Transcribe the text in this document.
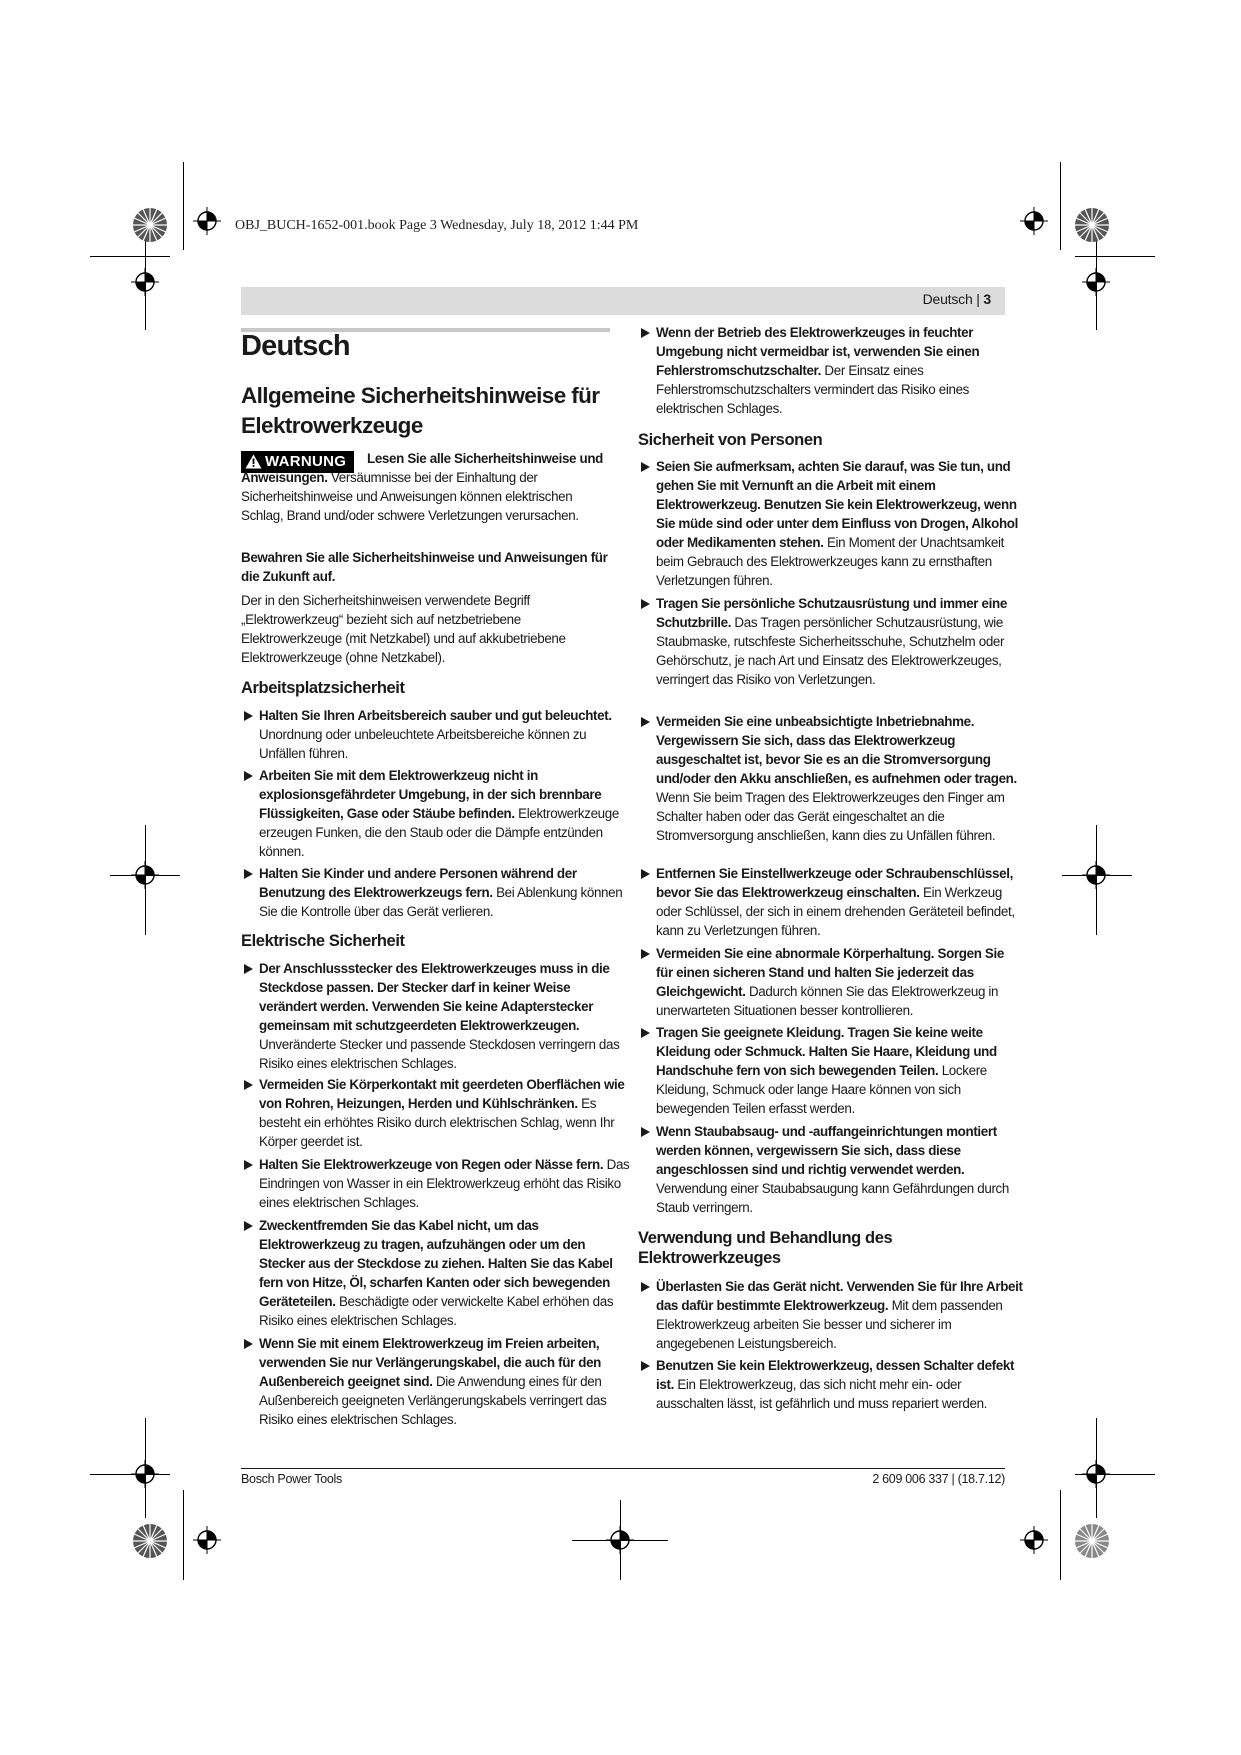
OBJ_BUCH-1652-001.book Page 3 Wednesday, July 18, 2012 1:44 PM
Deutsch | 3
Deutsch
Allgemeine Sicherheitshinweise für Elektrowerkzeuge
WARNUNG	Lesen Sie alle Sicherheitshinweise und Anweisungen. Versäumnisse bei der Einhaltung der Sicherheitshinweise und Anweisungen können elektrischen Schlag, Brand und/oder schwere Verletzungen verursachen.

Bewahren Sie alle Sicherheitshinweise und Anweisungen für die Zukunft auf.

Der in den Sicherheitshinweisen verwendete Begriff „Elektrowerkzeug“ bezieht sich auf netzbetriebene Elektrowerkzeuge (mit Netzkabel) und auf akkubetriebene Elektrowerkzeuge (ohne Netzkabel).

Arbeitsplatzsicherheit
Halten Sie Ihren Arbeitsbereich sauber und gut beleuchtet. Unordnung oder unbeleuchtete Arbeitsbereiche können zu Unfällen führen.
Arbeiten Sie mit dem Elektrowerkzeug nicht in explosionsgefährdeter Umgebung, in der sich brennbare Flüssigkeiten, Gase oder Stäube befinden. Elektrowerkzeuge erzeugen Funken, die den Staub oder die Dämpfe entzünden können.
Halten Sie Kinder und andere Personen während der Benutzung des Elektrowerkzeugs fern. Bei Ablenkung können Sie die Kontrolle über das Gerät verlieren.
Elektrische Sicherheit
Der Anschlussstecker des Elektrowerkzeuges muss in die Steckdose passen. Der Stecker darf in keiner Weise verändert werden. Verwenden Sie keine Adapterstecker gemeinsam mit schutzgeerdeten Elektrowerkzeugen. Unveränderte Stecker und passende Steckdosen verringern das Risiko eines elektrischen Schlages.
Vermeiden Sie Körperkontakt mit geerdeten Oberflächen wie von Rohren, Heizungen, Herden und Kühlschränken. Es besteht ein erhöhtes Risiko durch elektrischen Schlag, wenn Ihr Körper geerdet ist.
Halten Sie Elektrowerkzeuge von Regen oder Nässe fern. Das Eindringen von Wasser in ein Elektrowerkzeug erhöht das Risiko eines elektrischen Schlages.
Zweckentfremden Sie das Kabel nicht, um das Elektrowerkzeug zu tragen, aufzuhängen oder um den Stecker aus der Steckdose zu ziehen. Halten Sie das Kabel fern von Hitze, Öl, scharfen Kanten oder sich bewegenden Geräteteilen. Beschädigte oder verwickelte Kabel erhöhen das Risiko eines elektrischen Schlages.
Wenn Sie mit einem Elektrowerkzeug im Freien arbeiten, verwenden Sie nur Verlängerungskabel, die auch für den Außenbereich geeignet sind. Die Anwendung eines für den Außenbereich geeigneten Verlängerungskabels verringert das Risiko eines elektrischen Schlages.
Wenn der Betrieb des Elektrowerkzeuges in feuchter Umgebung nicht vermeidbar ist, verwenden Sie einen Fehlerstromschutzschalter. Der Einsatz eines Fehlerstromschutzschalters vermindert das Risiko eines elektrischen Schlages.
Sicherheit von Personen
Seien Sie aufmerksam, achten Sie darauf, was Sie tun, und gehen Sie mit Vernunft an die Arbeit mit einem Elektrowerkzeug. Benutzen Sie kein Elektrowerkzeug, wenn Sie müde sind oder unter dem Einfluss von Drogen, Alkohol oder Medikamenten stehen. Ein Moment der Unachtsamkeit beim Gebrauch des Elektrowerkzeuges kann zu ernsthaften Verletzungen führen.
Tragen Sie persönliche Schutzausrüstung und immer eine Schutzbrille. Das Tragen persönlicher Schutzausrüstung, wie Staubmaske, rutschfeste Sicherheitsschuhe, Schutzhelm oder Gehörschutz, je nach Art und Einsatz des Elektrowerkzeuges, verringert das Risiko von Verletzungen.
Vermeiden Sie eine unbeabsichtigte Inbetriebnahme. Vergewissern Sie sich, dass das Elektrowerkzeug ausgeschaltet ist, bevor Sie es an die Stromversorgung und/oder den Akku anschließen, es aufnehmen oder tragen. Wenn Sie beim Tragen des Elektrowerkzeuges den Finger am Schalter haben oder das Gerät eingeschaltet an die Stromversorgung anschließen, kann dies zu Unfällen führen.
Entfernen Sie Einstellwerkzeuge oder Schraubenschlüssel, bevor Sie das Elektrowerkzeug einschalten. Ein Werkzeug oder Schlüssel, der sich in einem drehenden Geräteteil befindet, kann zu Verletzungen führen.
Vermeiden Sie eine abnormale Körperhaltung. Sorgen Sie für einen sicheren Stand und halten Sie jederzeit das Gleichgewicht. Dadurch können Sie das Elektrowerkzeug in unerwarteten Situationen besser kontrollieren.
Tragen Sie geeignete Kleidung. Tragen Sie keine weite Kleidung oder Schmuck. Halten Sie Haare, Kleidung und Handschuhe fern von sich bewegenden Teilen. Lockere Kleidung, Schmuck oder lange Haare können von sich bewegenden Teilen erfasst werden.
Wenn Staubabsaug- und -auffangeinrichtungen montiert werden können, vergewissern Sie sich, dass diese angeschlossen sind und richtig verwendet werden. Verwendung einer Staubabsaugung kann Gefährdungen durch Staub verringern.
Verwendung und Behandlung des Elektrowerkzeuges
Überlasten Sie das Gerät nicht. Verwenden Sie für Ihre Arbeit das dafür bestimmte Elektrowerkzeug. Mit dem passenden Elektrowerkzeug arbeiten Sie besser und sicherer im angegebenen Leistungsbereich.
Benutzen Sie kein Elektrowerkzeug, dessen Schalter defekt ist. Ein Elektrowerkzeug, das sich nicht mehr ein- oder ausschalten lässt, ist gefährlich und muss repariert werden.
Bosch Power Tools	2 609 006 337 | (18.7.12)
